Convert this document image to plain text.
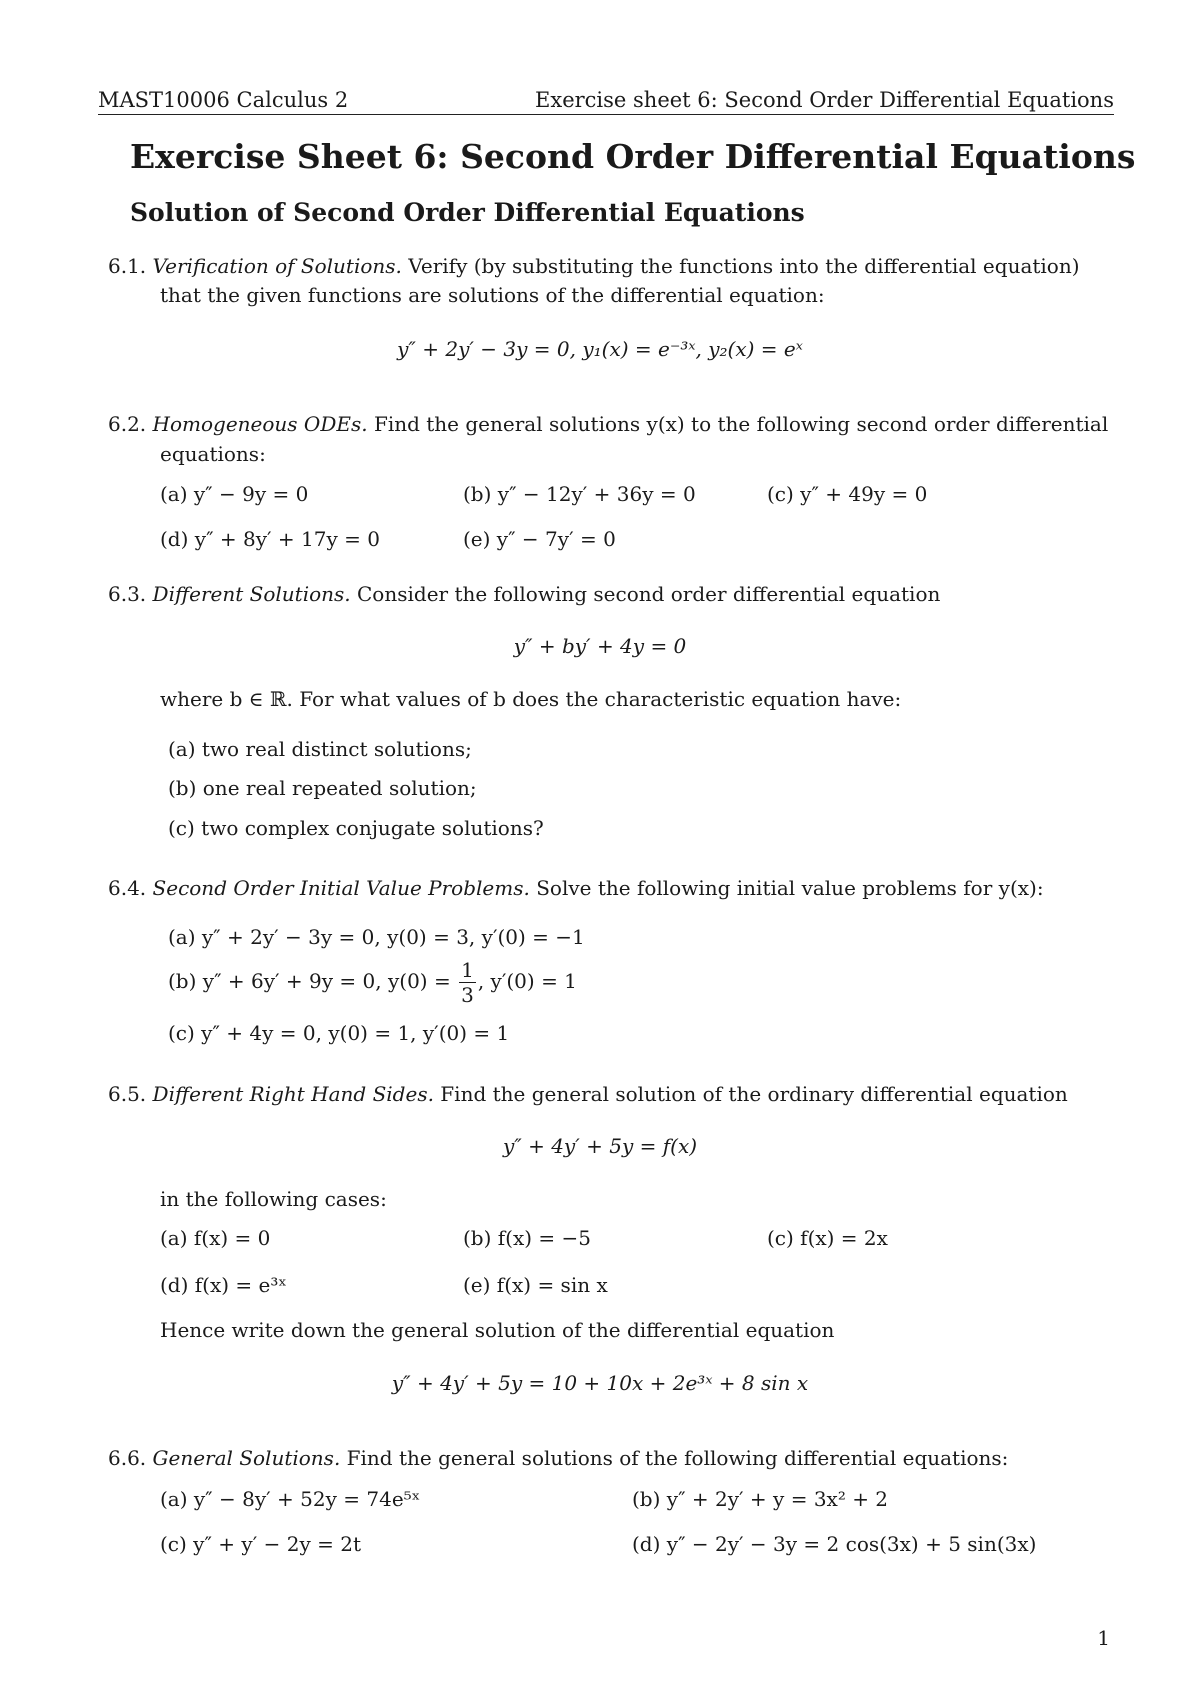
MAST10006 Calculus 2	Exercise sheet 6: Second Order Differential Equations
Exercise Sheet 6: Second Order Differential Equations
Solution of Second Order Differential Equations
6.1. Verification of Solutions. Verify (by substituting the functions into the differential equation)
that the given functions are solutions of the differential equation:
y″ + 2y′ − 3y = 0, y₁(x) = e⁻³ˣ, y₂(x) = eˣ
6.2. Homogeneous ODEs. Find the general solutions y(x) to the following second order differential
equations:
(a) y″ − 9y = 0	(b) y″ − 12y′ + 36y = 0	(c) y″ + 49y = 0
(d) y″ + 8y′ + 17y = 0	(e) y″ − 7y′ = 0
6.3. Different Solutions. Consider the following second order differential equation
y″ + by′ + 4y = 0
where b ∈ ℝ. For what values of b does the characteristic equation have:
(a) two real distinct solutions;
(b) one real repeated solution;
(c) two complex conjugate solutions?
6.4. Second Order Initial Value Problems. Solve the following initial value problems for y(x):
(a) y″ + 2y′ − 3y = 0, y(0) = 3, y′(0) = −1
(b) y″ + 6y′ + 9y = 0, $y(0) = \frac{1}{3}$ , y′(0) = 1
(c) y″ + 4y = 0, y(0) = 1, y′(0) = 1
6.5. Different Right Hand Sides. Find the general solution of the ordinary differential equation
y″ + 4y′ + 5y = f(x)
in the following cases:
(a) f(x) = 0	(b) f(x) = −5	(c) f(x) = 2x
(d) f(x) = e³ˣ	(e) f(x) = sin x
Hence write down the general solution of the differential equation
y″ + 4y′ + 5y = 10 + 10x + 2e³ˣ + 8 sin x
6.6. General Solutions. Find the general solutions of the following differential equations:
(a) y″ − 8y′ + 52y = 74e⁵ˣ	(b) y″ + 2y′ + y = 3x² + 2
(c) y″ + y′ − 2y = 2t	(d) y″ − 2y′ − 3y = 2 cos(3x) + 5 sin(3x)
1
